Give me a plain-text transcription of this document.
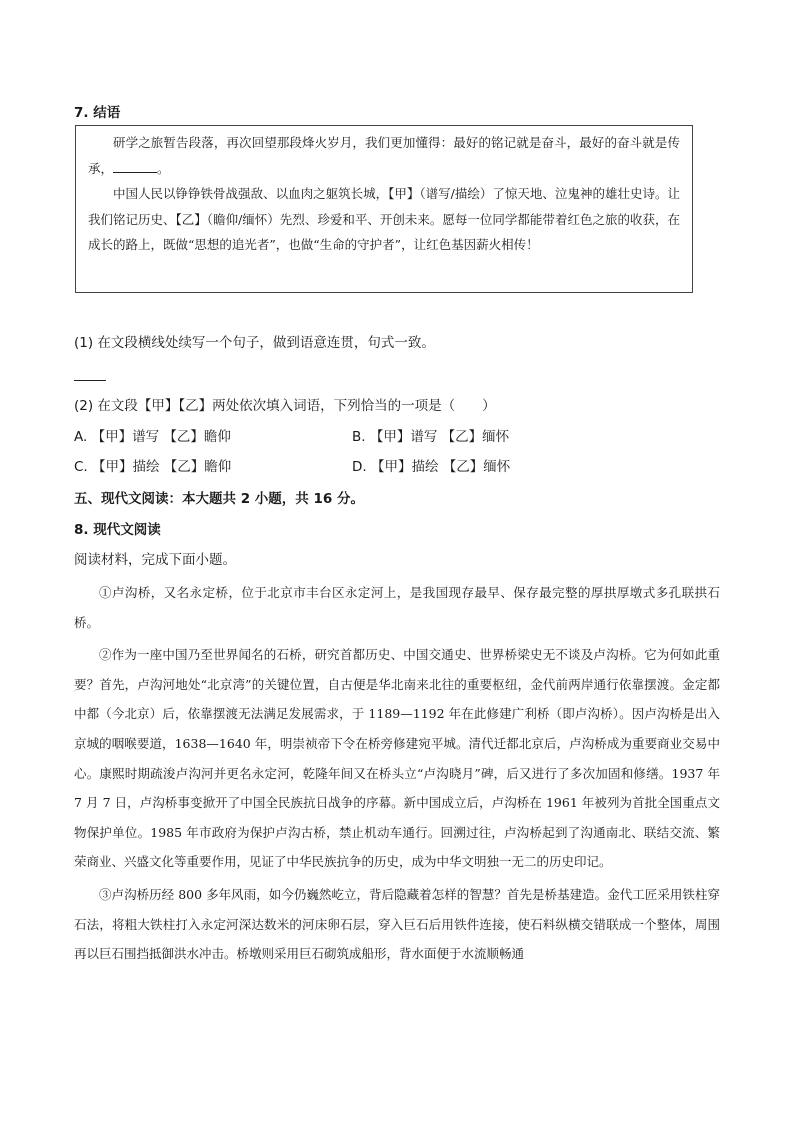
7. 结语

研学之旅暂告段落，再次回望那段烽火岁月，我们更加懂得：最好的铭记就是奋斗，最好的奋斗就是传承，	。

中国人民以铮铮铁骨战强敌、以血肉之躯筑长城，【甲】（谱写/描绘）了惊天地、泣鬼神的雄壮史诗。让我们铭记历史、【乙】（瞻仰/缅怀）先烈、珍爱和平、开创未来。愿每一位同学都能带着红色之旅的收获，在成长的路上，既做“思想的追光者”，也做“生命的守护者”，让红色基因薪火相传！

(1) 在文段横线处续写一个句子，做到语意连贯，句式一致。
(2) 在文段【甲】【乙】两处依次填入词语，下列恰当的一项是（　　）
A. 【甲】谱写 【乙】瞻仰	B. 【甲】谱写 【乙】缅怀
C. 【甲】描绘 【乙】瞻仰	D. 【甲】描绘 【乙】缅怀
五、现代文阅读：本大题共 2 小题，共 16 分。
8. 现代文阅读
阅读材料，完成下面小题。

①卢沟桥，又名永定桥，位于北京市丰台区永定河上，是我国现存最早、保存最完整的厚拱厚墩式多孔联拱石桥。

②作为一座中国乃至世界闻名的石桥，研究首都历史、中国交通史、世界桥梁史无不谈及卢沟桥。它为何如此重要？首先，卢沟河地处“北京湾”的关键位置，自古便是华北南来北往的重要枢纽，金代前两岸通行依靠摆渡。金定都中都（今北京）后，依靠摆渡无法满足发展需求，于 1189—1192 年在此修建广利桥（即卢沟桥）。因卢沟桥是出入京城的咽喉要道，1638—1640 年，明崇祯帝下令在桥旁修建宛平城。清代迁都北京后，卢沟桥成为重要商业交易中心。康熙时期疏浚卢沟河并更名永定河，乾隆年间又在桥头立“卢沟晓月”碑，后又进行了多次加固和修缮。1937 年 7 月 7 日，卢沟桥事变掀开了中国全民族抗日战争的序幕。新中国成立后，卢沟桥在 1961 年被列为首批全国重点文物保护单位。1985 年市政府为保护卢沟古桥，禁止机动车通行。回溯过往，卢沟桥起到了沟通南北、联结交流、繁荣商业、兴盛文化等重要作用，见证了中华民族抗争的历史，成为中华文明独一无二的历史印记。

③卢沟桥历经 800 多年风雨，如今仍巍然屹立，背后隐藏着怎样的智慧？首先是桥基建造。金代工匠采用铁柱穿石法，将粗大铁柱打入永定河深达数米的河床卵石层，穿入巨石后用铁件连接，使石料纵横交错联成一个整体，周围再以巨石围挡抵御洪水冲击。桥墩则采用巨石砌筑成船形，背水面便于水流顺畅通
